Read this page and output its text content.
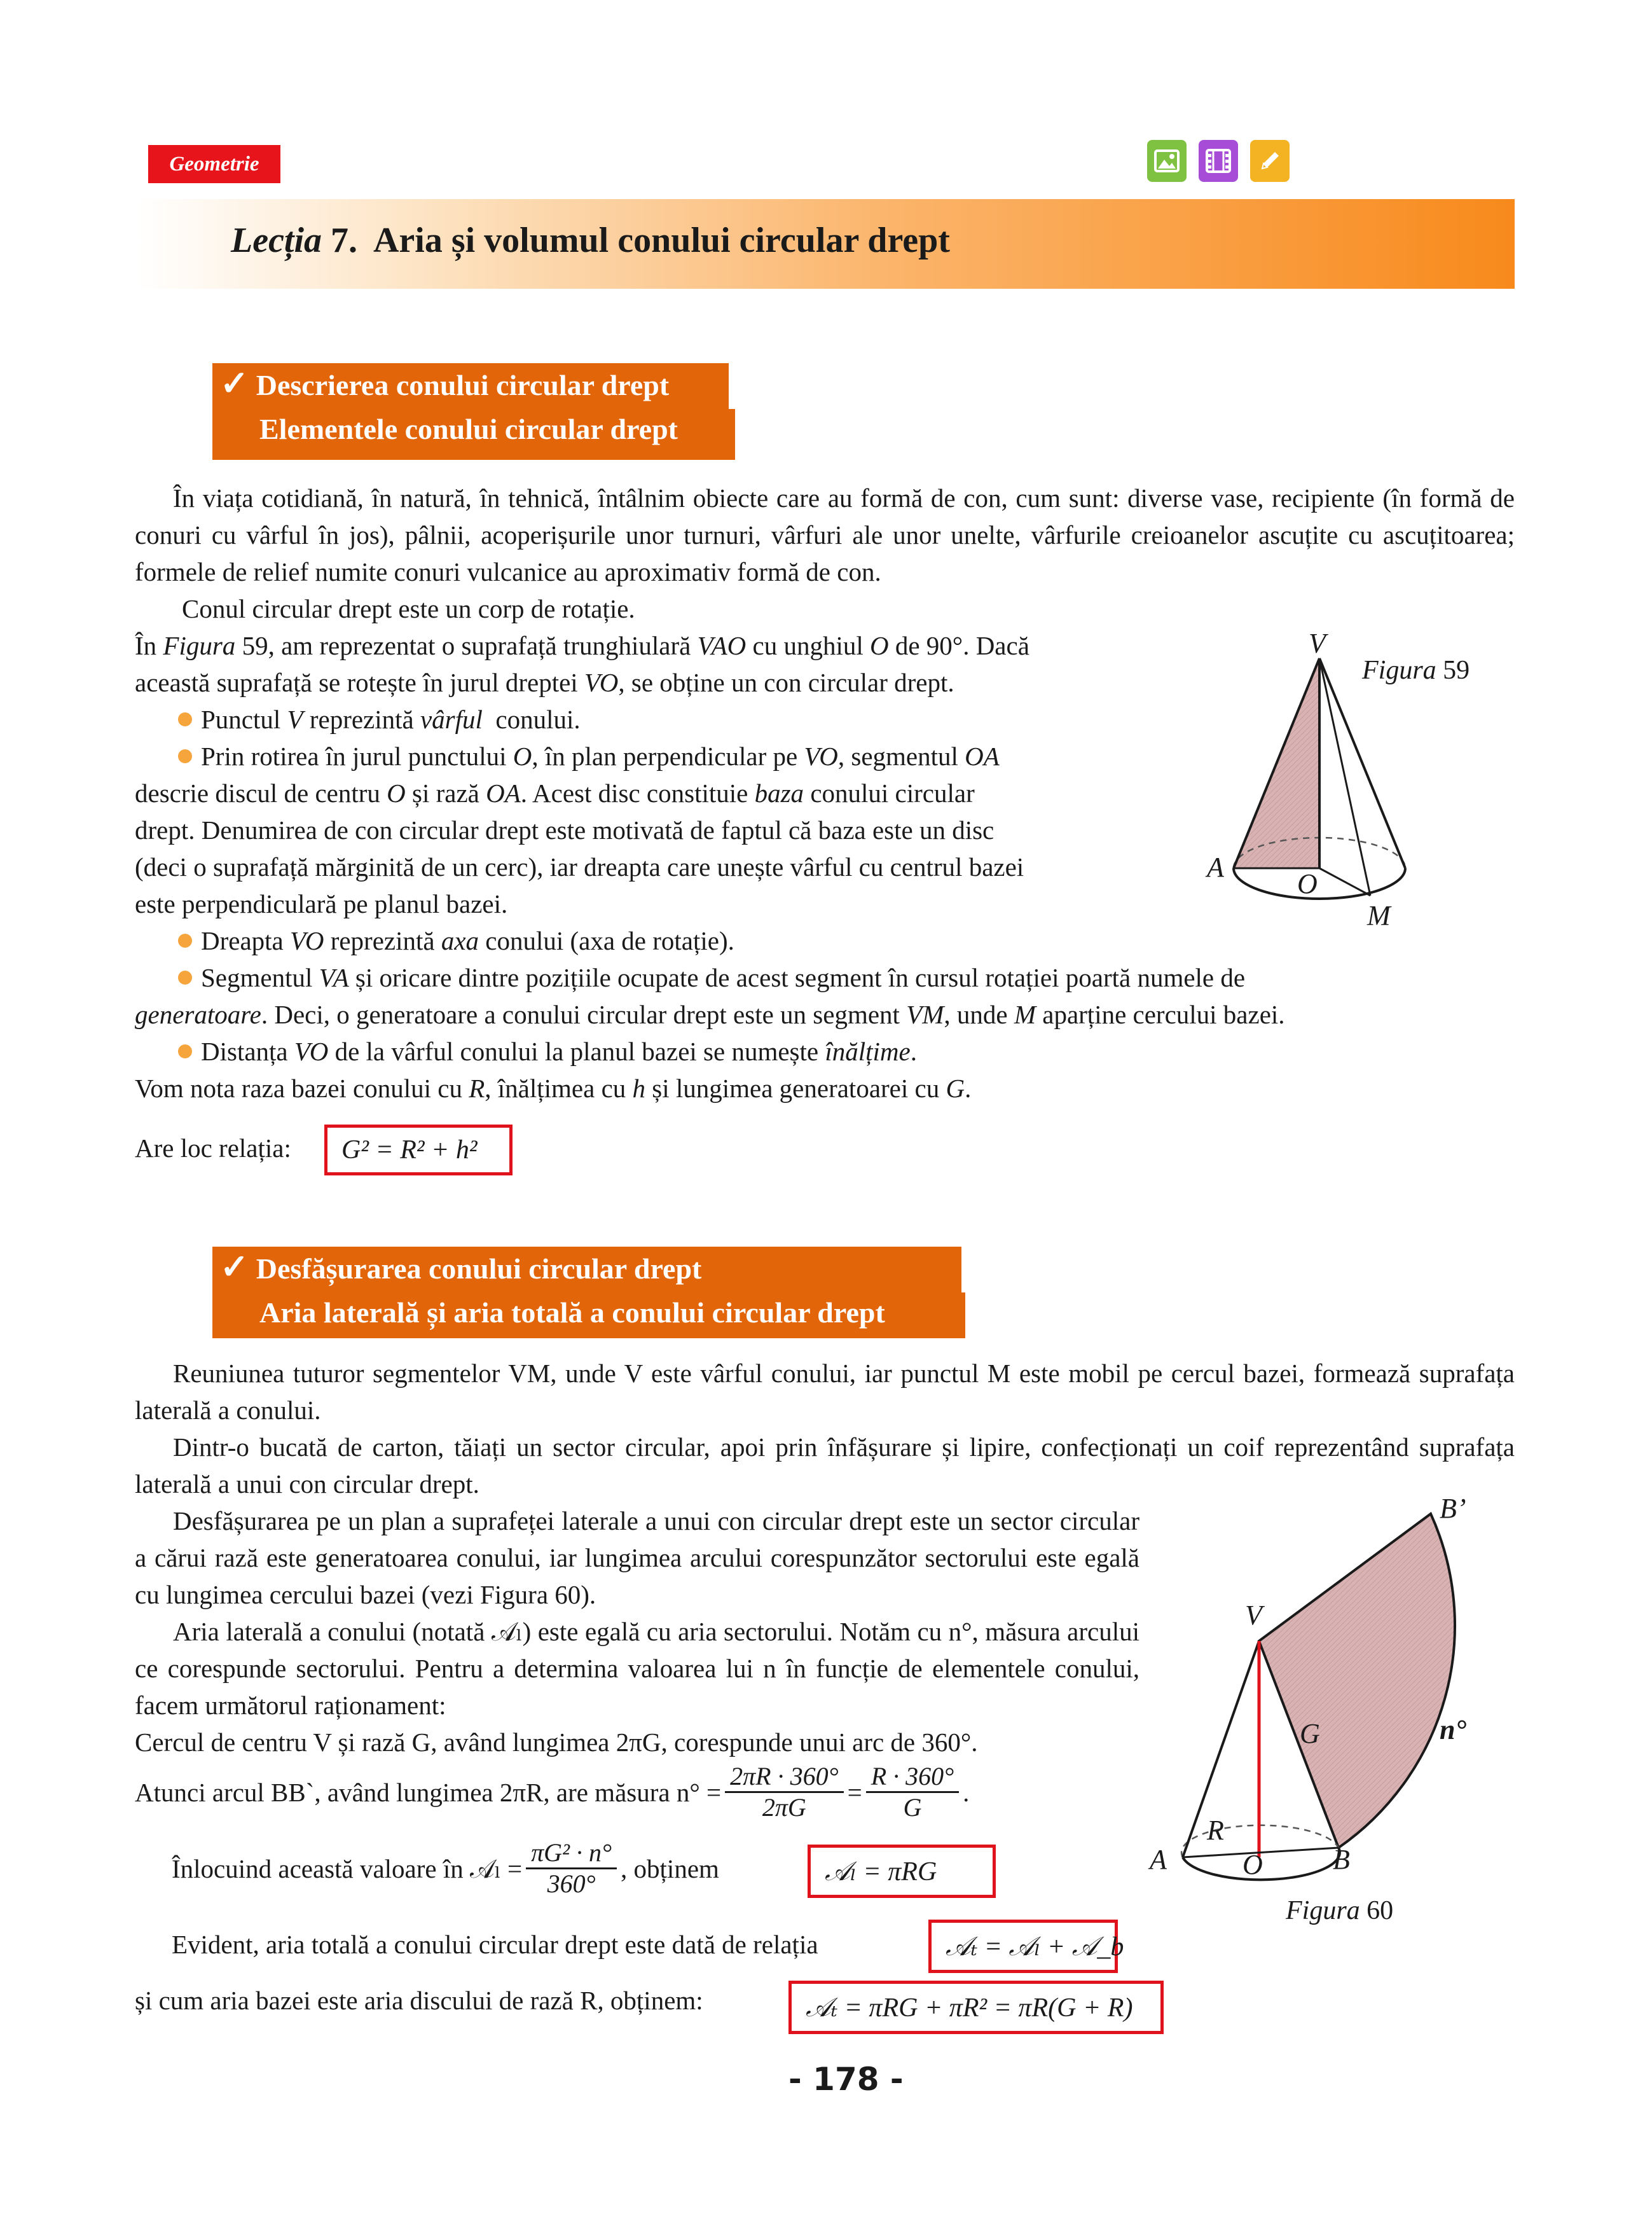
Geometrie
Lecția 7. Aria și volumul conului circular drept
✓ Descrierea conului circular drept
Elementele conului circular drept
În viața cotidiană, în natură, în tehnică, întâlnim obiecte care au formă de con, cum sunt: diverse vase, recipiente (în formă de conuri cu vârful în jos), pâlnii, acoperișurile unor turnuri, vârfuri ale unor unelte, vârfurile creioanelor ascuțite cu ascuțitoarea; formele de relief numite conuri vulcanice au aproximativ formă de con.
Conul circular drept este un corp de rotație.
În Figura 59, am reprezentat o suprafață trunghiulară VAO cu unghiul O de 90°. Dacă
această suprafață se rotește în jurul dreptei VO, se obține un con circular drept.
Punctul V reprezintă vârful conului.
Prin rotirea în jurul punctului O, în plan perpendicular pe VO, segmentul OA
descrie discul de centru O și rază OA. Acest disc constituie baza conului circular
drept. Denumirea de con circular drept este motivată de faptul că baza este un disc
(deci o suprafață mărginită de un cerc), iar dreapta care unește vârful cu centrul bazei
este perpendiculară pe planul bazei.
Dreapta VO reprezintă axa conului (axa de rotație).
Segmentul VA și oricare dintre pozițiile ocupate de acest segment în cursul rotației poartă numele de
generatoare. Deci, o generatoare a conului circular drept este un segment VM, unde M aparține cercului bazei.
Distanța VO de la vârful conului la planul bazei se numește înălțime.
Vom nota raza bazei conului cu R, înălțimea cu h și lungimea generatoarei cu G.
Are loc relația:	G² = R² + h²
V
A
O
M
Figura 59
✓ Desfășurarea conului circular drept
Aria laterală și aria totală a conului circular drept
Reuniunea tuturor segmentelor VM, unde V este vârful conului, iar punctul M este mobil pe cercul bazei, formează suprafața laterală a conului.
Dintr-o bucată de carton, tăiați un sector circular, apoi prin înfășurare și lipire, confecționați un coif reprezentând suprafața laterală a unui con circular drept.
Desfășurarea pe un plan a suprafeței laterale a unui con circular drept este un sector circular a cărui rază este generatoarea conului, iar lungimea arcului corespunzător sectorului este egală cu lungimea cercului bazei (vezi Figura 60).
Aria laterală a conului (notată 𝒜ₗ) este egală cu aria sectorului. Notăm cu n°, măsura arcului ce corespunde sectorului. Pentru a determina valoarea lui n în funcție de elementele conului, facem următorul raționament:
Cercul de centru V și rază G, având lungimea 2πG, corespunde unui arc de 360°.
Atunci arcul BB`, având lungimea 2πR, are măsura $n^\circ = \frac{2\pi R \cdot 360^\circ}{2\pi G} = \frac{R \cdot 360^\circ}{G}$ .
Înlocuind această valoare în 𝒜ₗ = $\frac{\text{πG² · n°}}{360^\circ}$ , obținem	𝒜ₗ = πRG
Evident, aria totală a conului circular drept este dată de relația	𝒜ₜ = 𝒜ₗ + 𝒜_b
și cum aria bazei este aria discului de rază R, obținem:	𝒜ₜ = πRG + πR² = πR(G + R)
B’
V
G	n°
R
A	O	B
Figura 60
- 178 -
